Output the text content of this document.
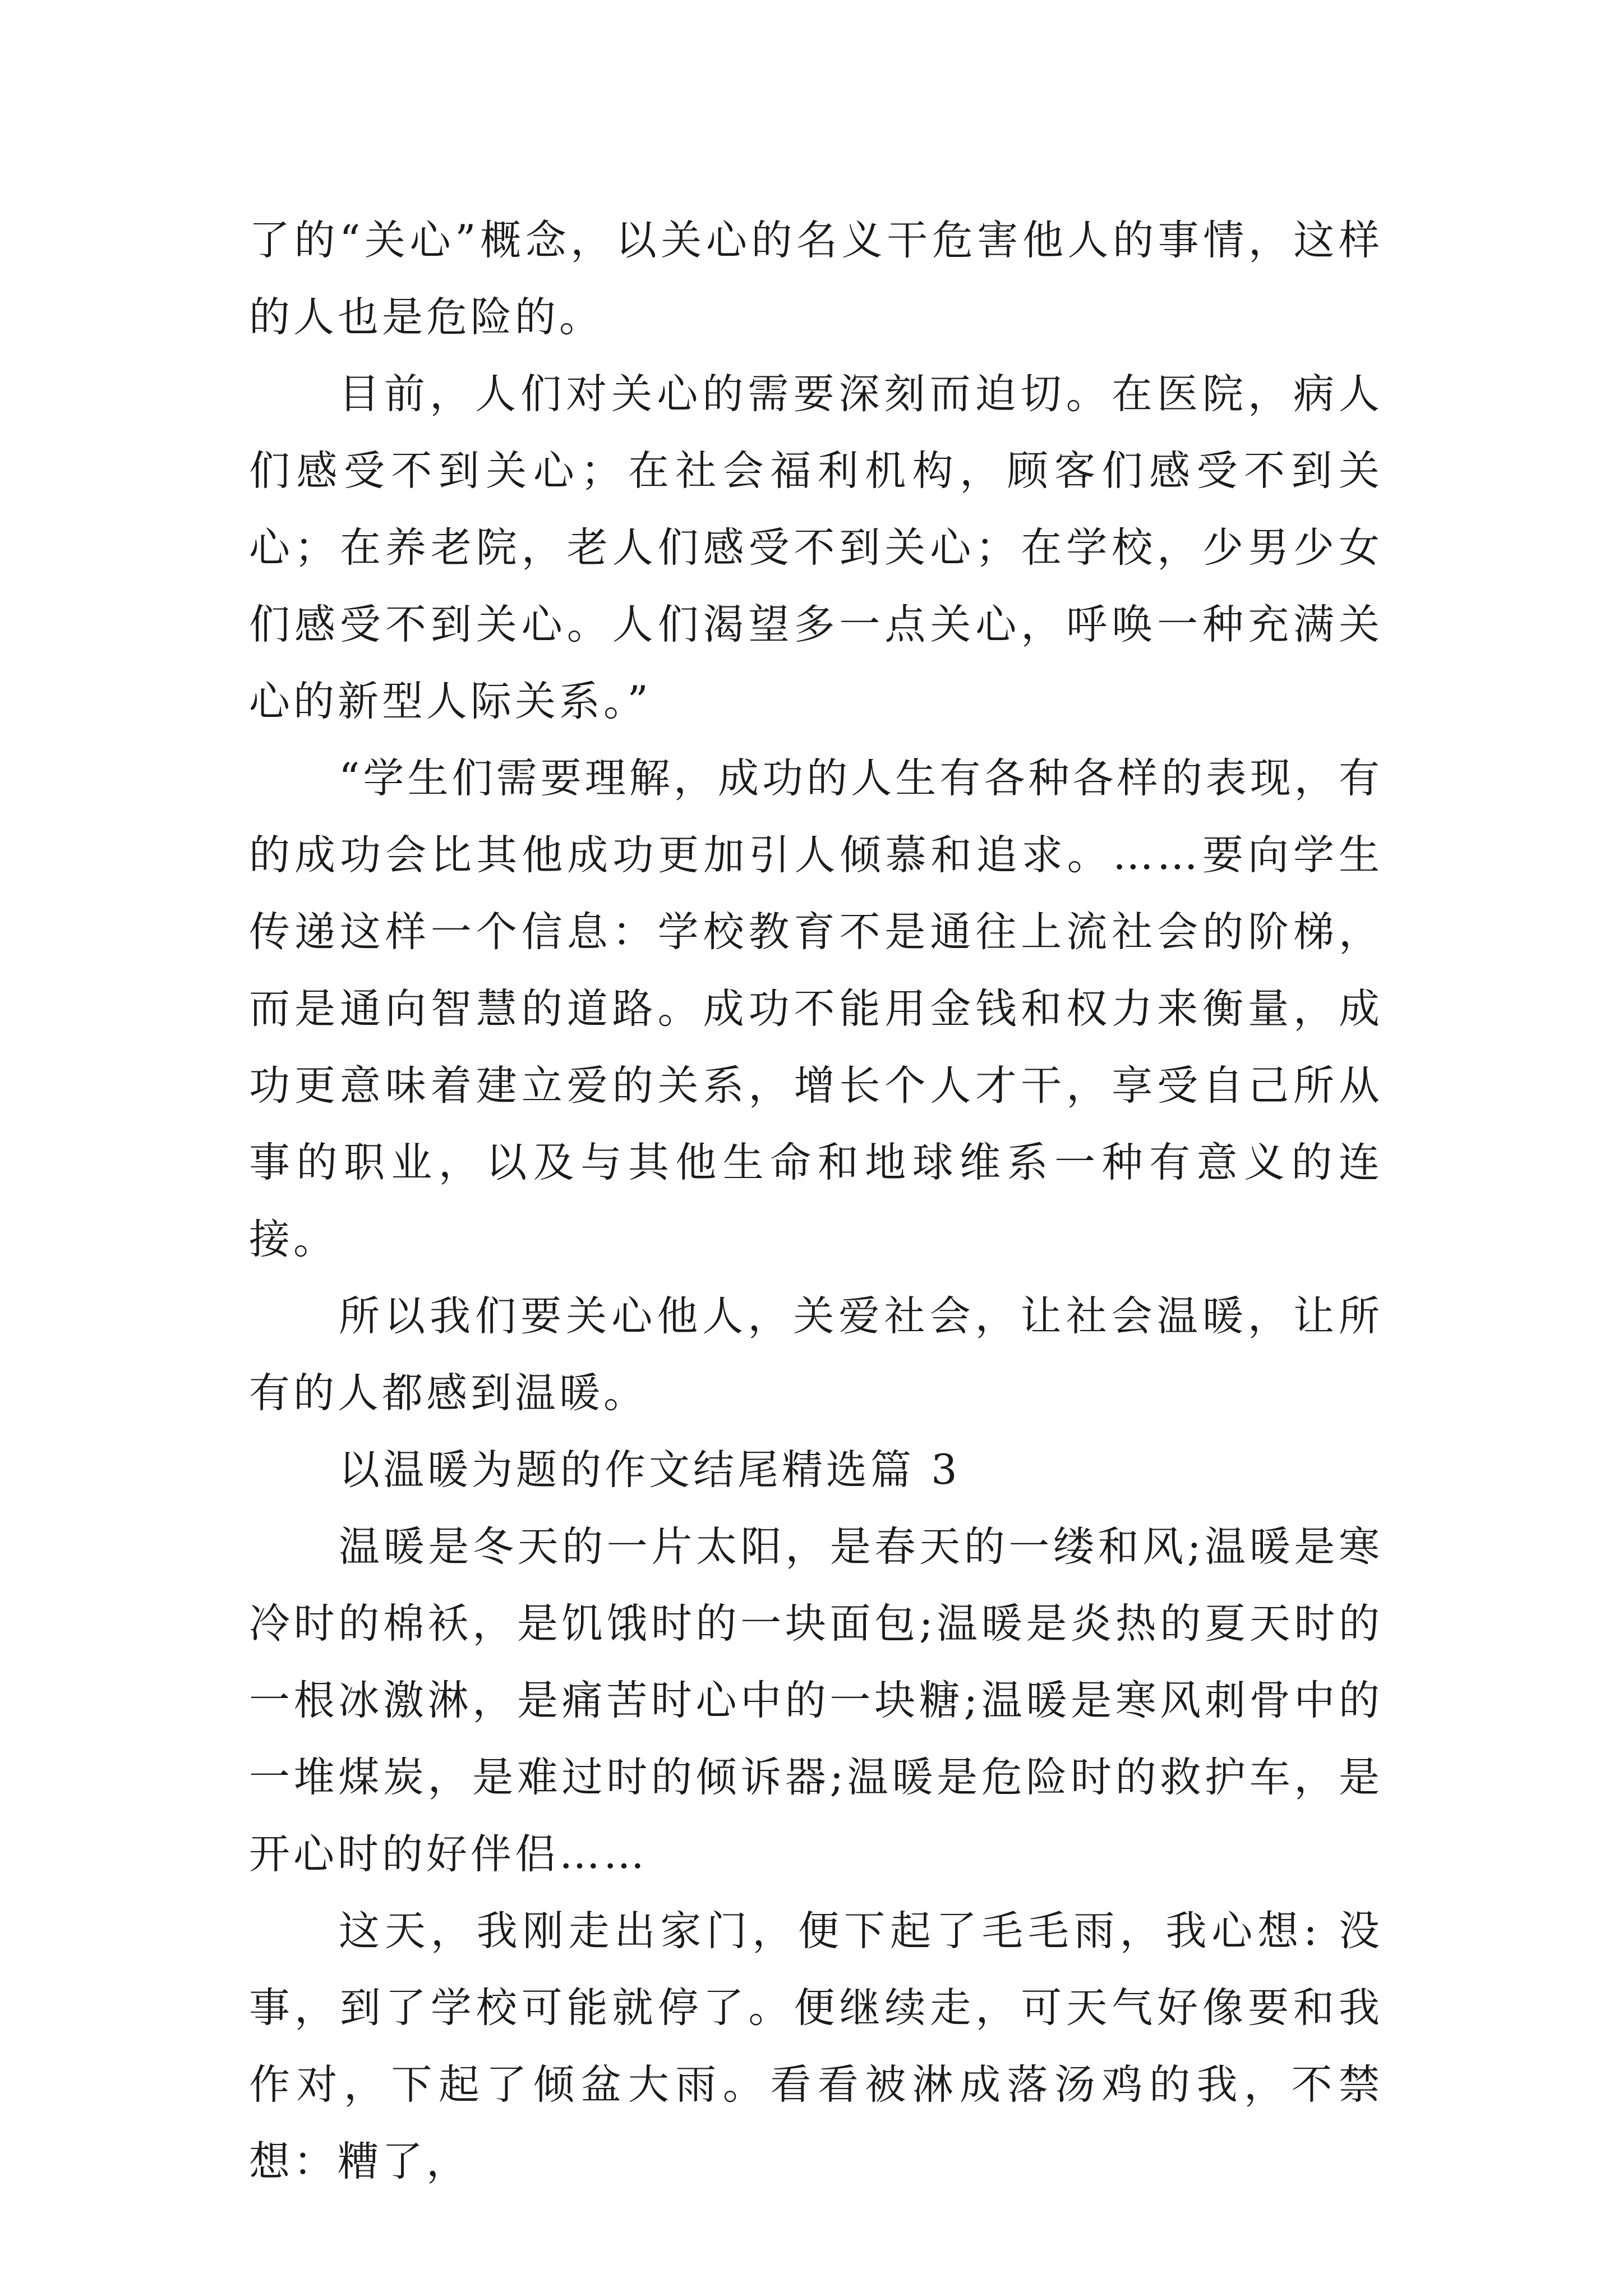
了的“关心”概念，以关心的名义干危害他人的事情，这样的人也是危险的。

目前，人们对关心的需要深刻而迫切。在医院，病人们感受不到关心；在社会福利机构，顾客们感受不到关心；在养老院，老人们感受不到关心；在学校，少男少女们感受不到关心。人们渴望多一点关心，呼唤一种充满关心的新型人际关系。”

“学生们需要理解，成功的人生有各种各样的表现，有的成功会比其他成功更加引人倾慕和追求。……要向学生传递这样一个信息：学校教育不是通往上流社会的阶梯，而是通向智慧的道路。成功不能用金钱和权力来衡量，成功更意味着建立爱的关系，增长个人才干，享受自己所从事的职业，以及与其他生命和地球维系一种有意义的连接。

所以我们要关心他人，关爱社会，让社会温暖，让所有的人都感到温暖。

以温暖为题的作文结尾精选篇 3

温暖是冬天的一片太阳，是春天的一缕和风;温暖是寒冷时的棉袄，是饥饿时的一块面包;温暖是炎热的夏天时的一根冰激淋，是痛苦时心中的一块糖;温暖是寒风刺骨中的一堆煤炭，是难过时的倾诉器;温暖是危险时的救护车，是开心时的好伴侣……

这天，我刚走出家门，便下起了毛毛雨，我心想: 没事，到了学校可能就停了。便继续走，可天气好像要和我作对，下起了倾盆大雨。看看被淋成落汤鸡的我，不禁想：糟了，
